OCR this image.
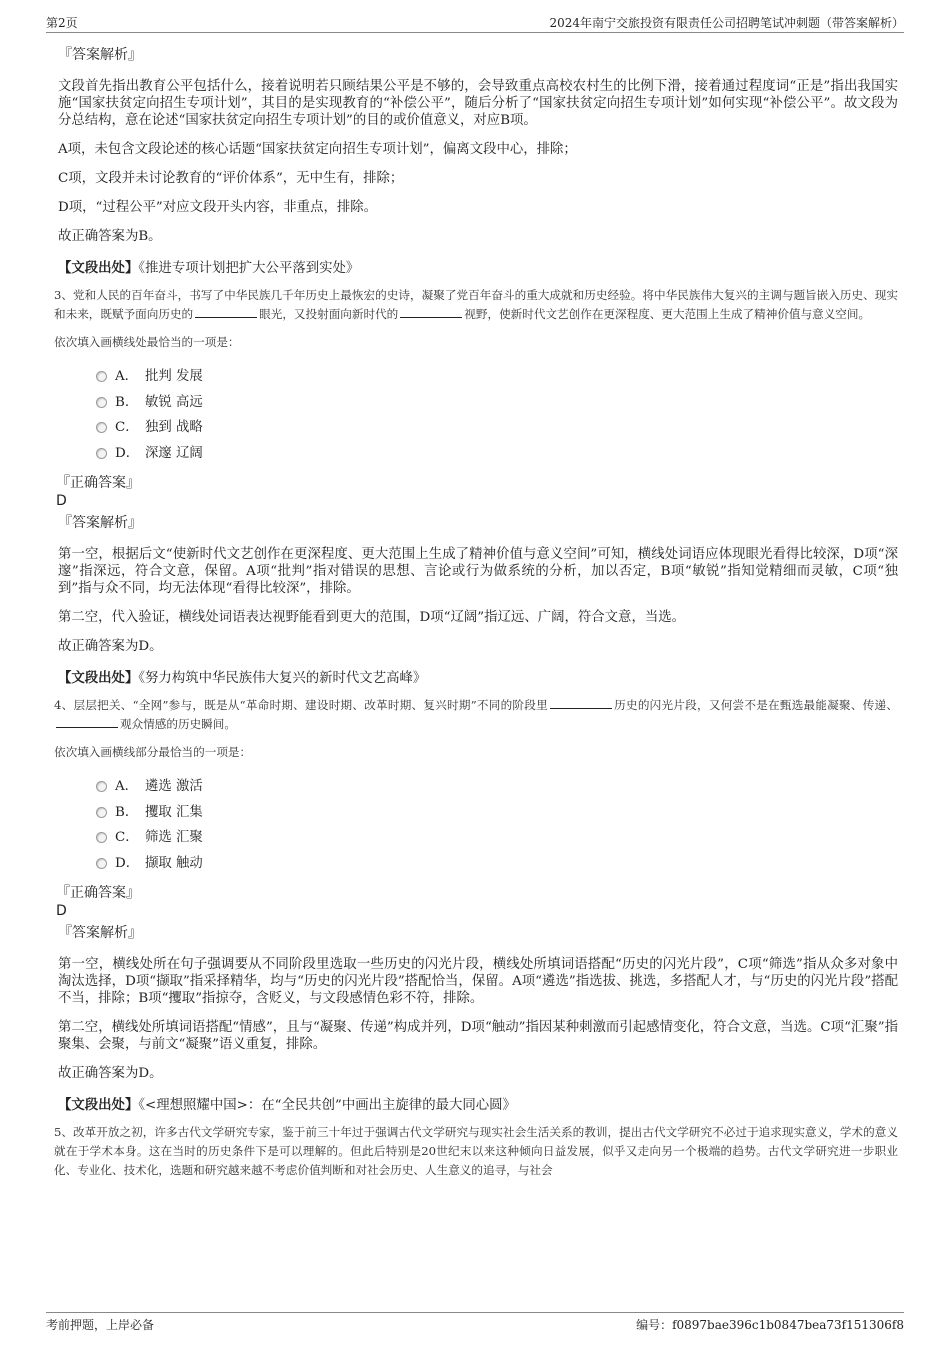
第2页	2024年南宁交旅投资有限责任公司招聘笔试冲刺题（带答案解析）
『答案解析』
文段首先指出教育公平包括什么，接着说明若只顾结果公平是不够的，会导致重点高校农村生的比例下滑，接着通过程度词“正是”指出我国实施“国家扶贫定向招生专项计划”，其目的是实现教育的“补偿公平”，随后分析了“国家扶贫定向招生专项计划”如何实现“补偿公平”。故文段为分总结构，意在论述“国家扶贫定向招生专项计划”的目的或价值意义，对应B项。
A项，未包含文段论述的核心话题“国家扶贫定向招生专项计划”，偏离文段中心，排除；
C项，文段并未讨论教育的“评价体系”，无中生有，排除；
D项，“过程公平”对应文段开头内容，非重点，排除。
故正确答案为B。
【文段出处】《推进专项计划把扩大公平落到实处》
3、党和人民的百年奋斗，书写了中华民族几千年历史上最恢宏的史诗，凝聚了党百年奋斗的重大成就和历史经验。将中华民族伟大复兴的主调与题旨嵌入历史、现实和未来，既赋予面向历史的	眼光，又投射面向新时代的	视野，使新时代文艺创作在更深程度、更大范围上生成了精神价值与意义空间。
依次填入画横线处最恰当的一项是：
A． 批判 发展
B． 敏锐 高远
C． 独到 战略
D． 深邃 辽阔
『正确答案』
D
『答案解析』
第一空，根据后文“使新时代文艺创作在更深程度、更大范围上生成了精神价值与意义空间”可知，横线处词语应体现眼光看得比较深，D项“深邃”指深远，符合文意，保留。A项“批判”指对错误的思想、言论或行为做系统的分析，加以否定，B项“敏锐”指知觉精细而灵敏，C项“独到”指与众不同，均无法体现“看得比较深”，排除。
第二空，代入验证，横线处词语表达视野能看到更大的范围，D项“辽阔”指辽远、广阔，符合文意，当选。
故正确答案为D。
【文段出处】《努力构筑中华民族伟大复兴的新时代文艺高峰》
4、层层把关、“全网”参与，既是从“革命时期、建设时期、改革时期、复兴时期”不同的阶段里	历史的闪光片段，又何尝不是在甄选最能凝聚、传递、观众情感的历史瞬间。
依次填入画横线部分最恰当的一项是：
A． 遴选 激活
B． 攫取 汇集
C． 筛选 汇聚
D． 撷取 触动
『正确答案』
D
『答案解析』
第一空，横线处所在句子强调要从不同阶段里选取一些历史的闪光片段，横线处所填词语搭配“历史的闪光片段”，C项“筛选”指从众多对象中淘汰选择，D项“撷取”指采择精华，均与“历史的闪光片段”搭配恰当，保留。A项“遴选”指选拔、挑选，多搭配人才，与“历史的闪光片段”搭配不当，排除；B项“攫取”指掠夺，含贬义，与文段感情色彩不符，排除。
第二空，横线处所填词语搭配“情感”，且与“凝聚、传递”构成并列，D项“触动”指因某种刺激而引起感情变化，符合文意，当选。C项“汇聚”指聚集、会聚，与前文“凝聚”语义重复，排除。
故正确答案为D。
【文段出处】《<理想照耀中国>：在“全民共创”中画出主旋律的最大同心圆》
5、改革开放之初，许多古代文学研究专家，鉴于前三十年过于强调古代文学研究与现实社会生活关系的教训，提出古代文学研究不必过于追求现实意义，学术的意义就在于学术本身。这在当时的历史条件下是可以理解的。但此后特别是20世纪末以来这种倾向日益发展，似乎又走向另一个极端的趋势。古代文学研究进一步职业化、专业化、技术化，选题和研究越来越不考虑价值判断和对社会历史、人生意义的追寻，与社会
考前押题，上岸必备	编号：f0897bae396c1b0847bea73f151306f8
